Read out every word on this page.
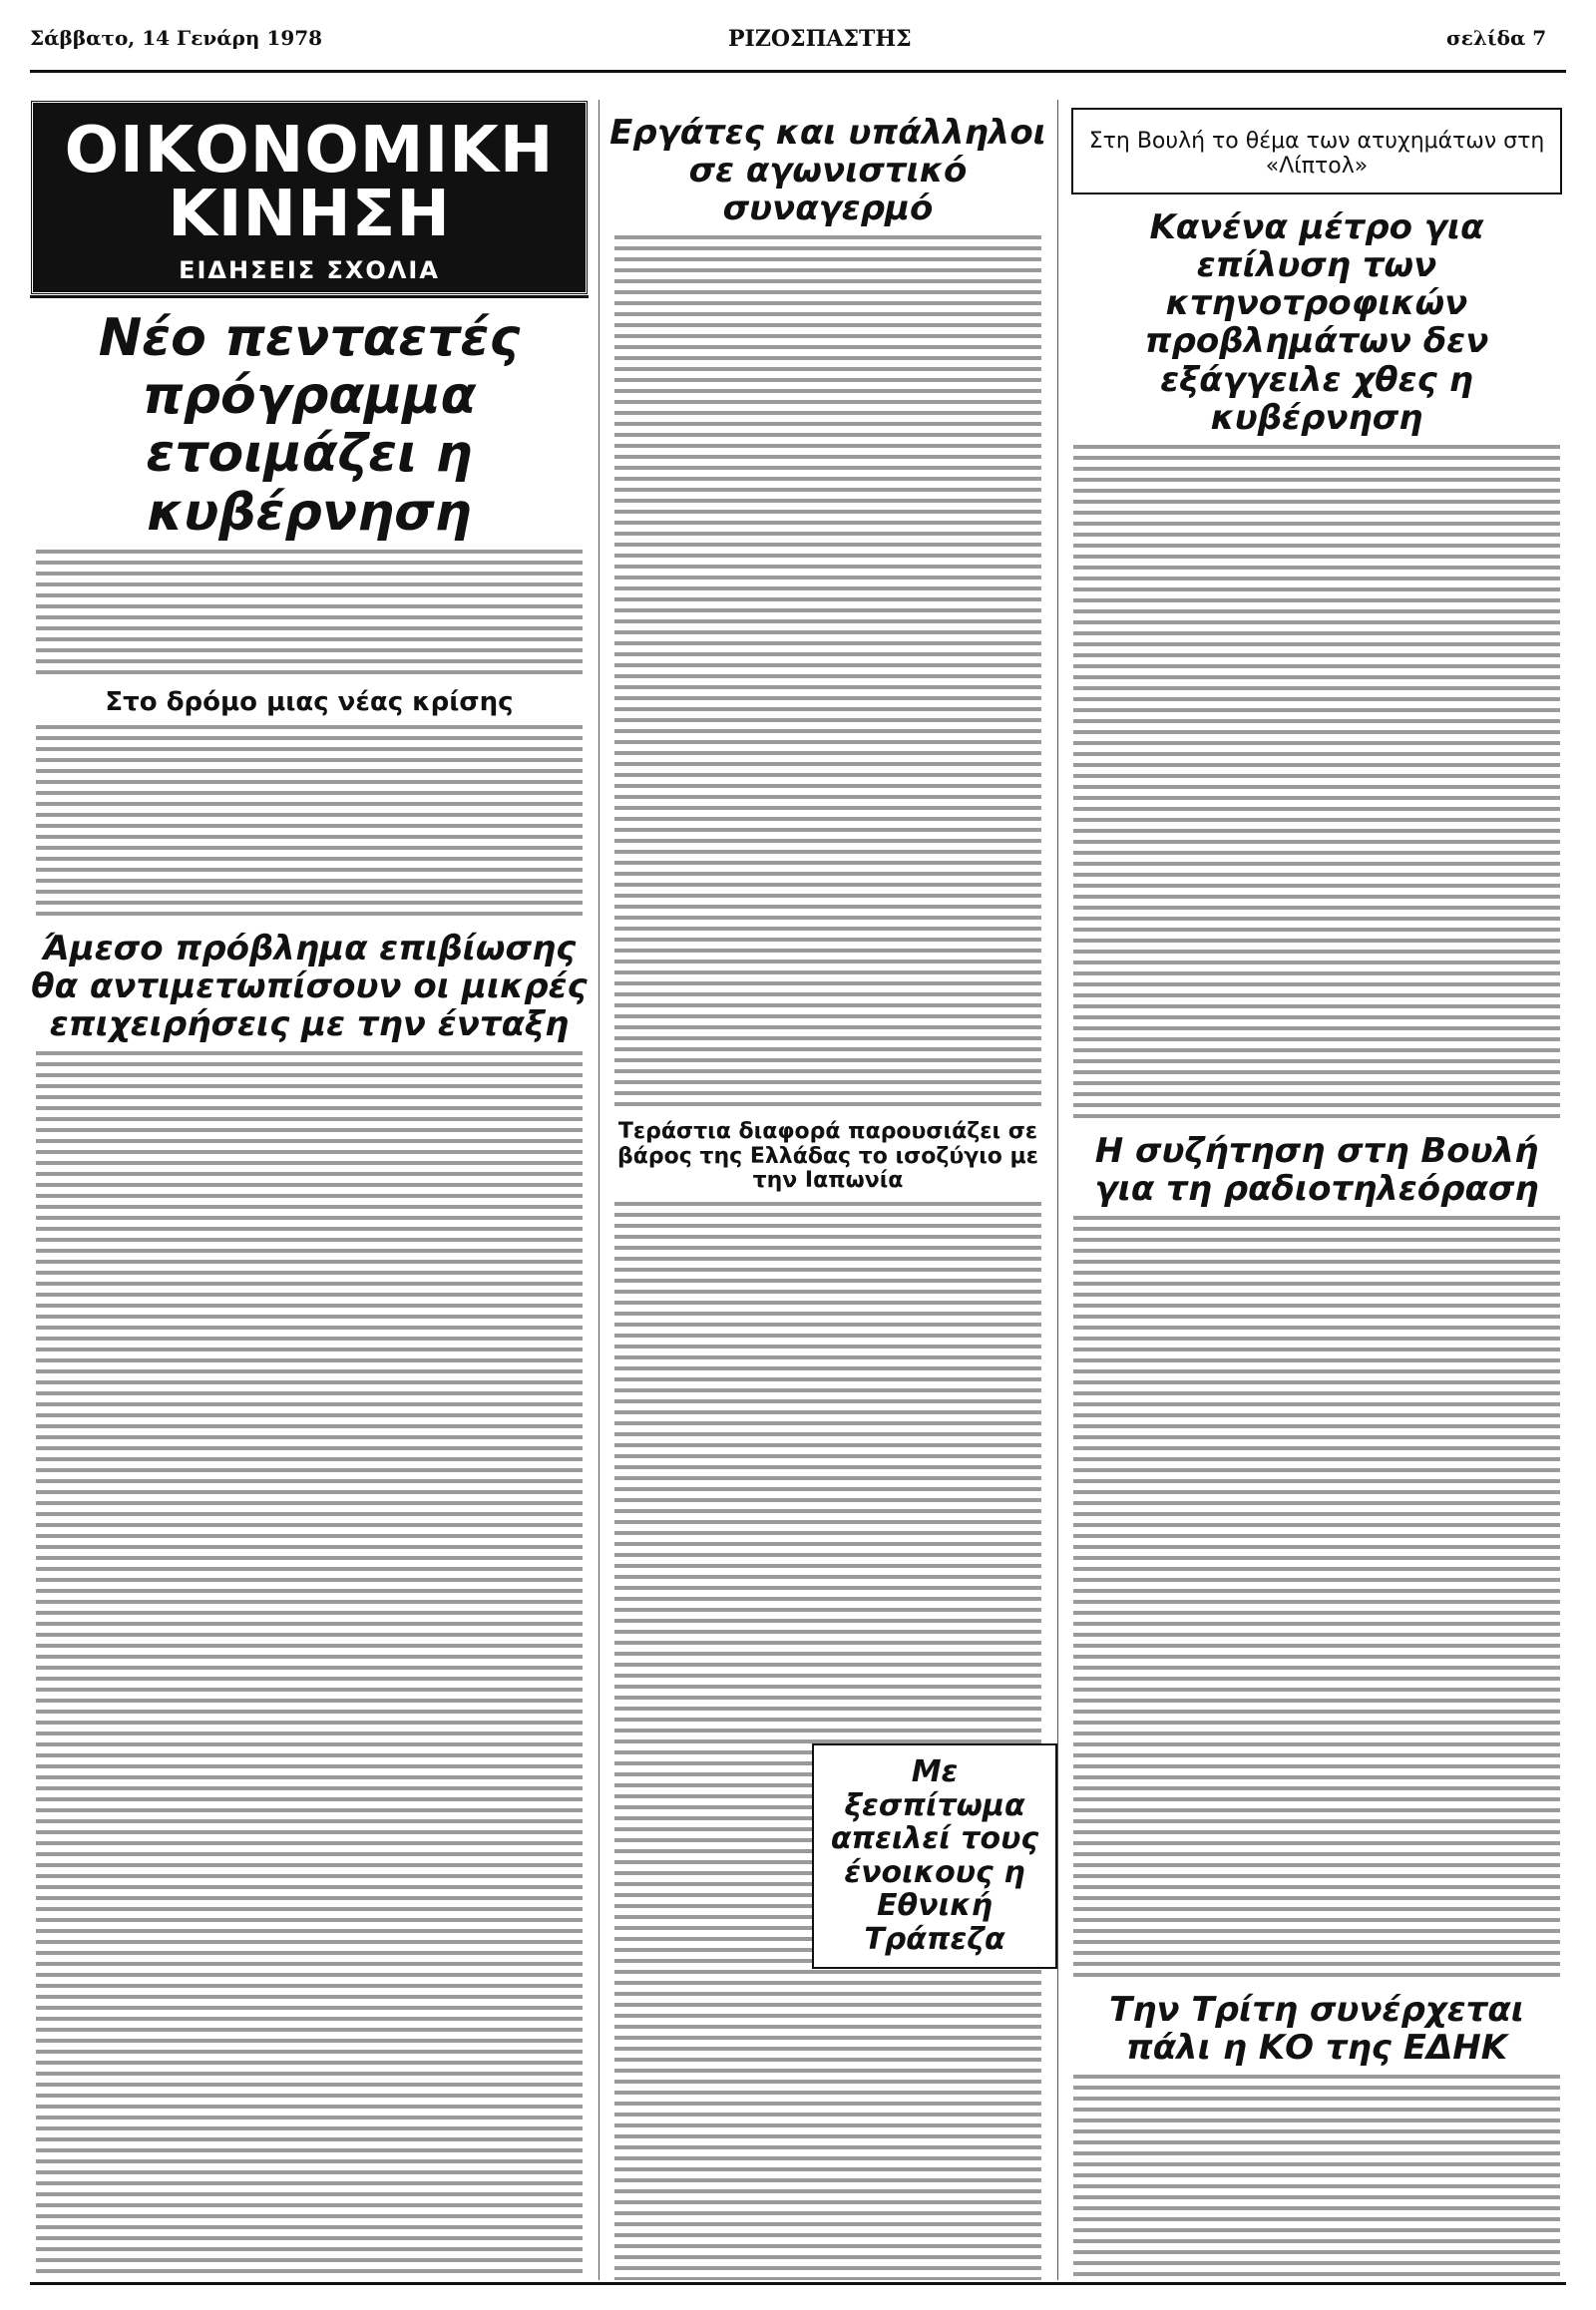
Σάββατο, 14 Γενάρη 1978	ΡΙΖΟΣΠΑΣΤΗΣ	σελίδα 7
ΟΙΚΟΝΟΜΙΚΗ ΚΙΝΗΣΗ
ΕΙΔΗΣΕΙΣ ΣΧΟΛΙΑ
Νέο πενταετές πρόγραμμα ετοιμάζει η κυβέρνηση
Στο δρόμο μιας νέας κρίσης
Άμεσο πρόβλημα επιβίωσης θα αντιμετωπίσουν οι μικρές επιχειρήσεις με την ένταξη
Εργάτες και υπάλληλοι σε αγωνιστικό συναγερμό
Τεράστια διαφορά παρουσιάζει σε βάρος της Ελλάδας το ισοζύγιο με την Ιαπωνία
Στη Βουλή το θέμα των ατυχημάτων στη «Λίπτολ»
Κανένα μέτρο για επίλυση των κτηνοτροφικών προβλημάτων δεν εξάγγειλε χθες η κυβέρνηση
Η συζήτηση στη Βουλή για τη ραδιοτηλεόραση
Την Τρίτη συνέρχεται πάλι η ΚΟ της ΕΔΗΚ
Με ξεσπίτωμα απειλεί τους ένοικους η Εθνική Τράπεζα
